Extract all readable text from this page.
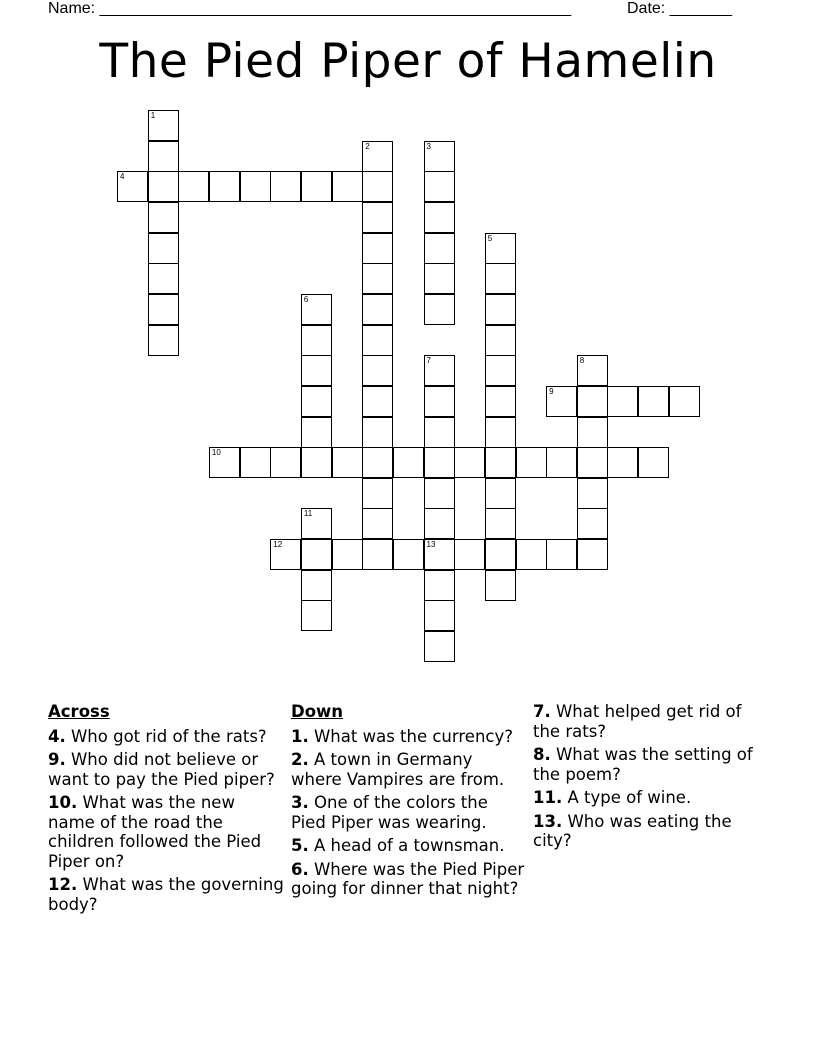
Name: _____________________________________________________	Date: _______
The Pied Piper of Hamelin
1
2	3
4
5
6
7
13
8
9
10
11
12
Across
4. Who got rid of the rats?
9. Who did not believe or want to pay the Pied piper?
10. What was the new name of the road the children followed the Pied Piper on?
12. What was the governing body?
Down
1. What was the currency?
2. A town in Germany where Vampires are from.
3. One of the colors the Pied Piper was wearing.
5. A head of a townsman.
6. Where was the Pied Piper going for dinner that night?
7. What helped get rid of the rats?
8. What was the setting of the poem?
11. A type of wine.
13. Who was eating the city?
